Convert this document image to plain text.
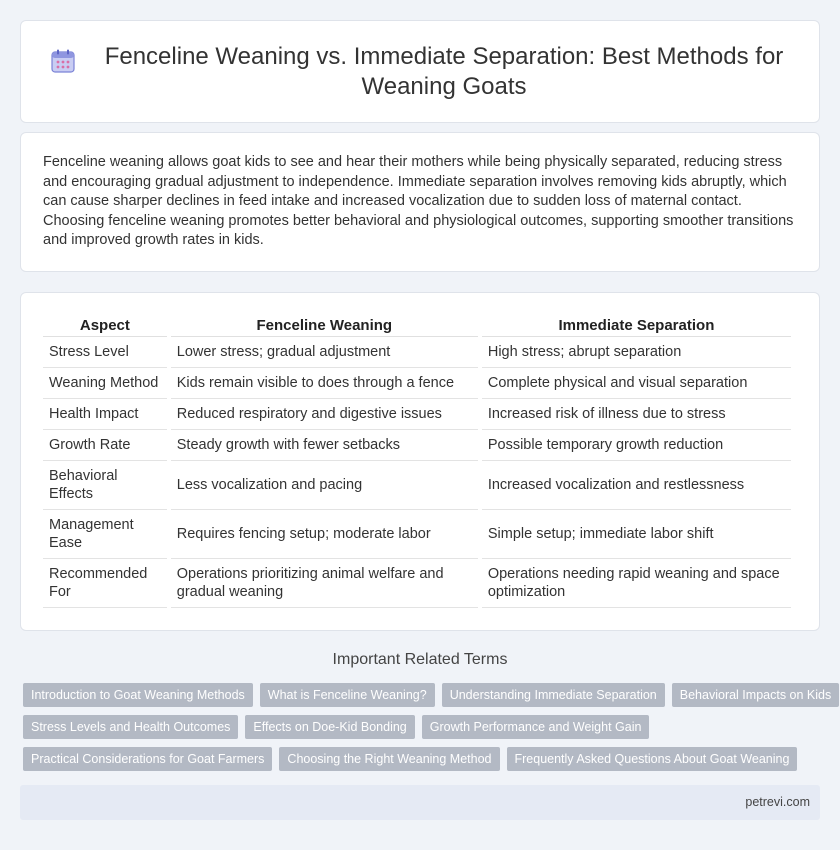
Fenceline Weaning vs. Immediate Separation: Best Methods for Weaning Goats

Fenceline weaning allows goat kids to see and hear their mothers while being physically separated, reducing stress and encouraging gradual adjustment to independence. Immediate separation involves removing kids abruptly, which can cause sharper declines in feed intake and increased vocalization due to sudden loss of maternal contact. Choosing fenceline weaning promotes better behavioral and physiological outcomes, supporting smoother transitions and improved growth rates in kids.

Aspect	Fenceline Weaning	Immediate Separation
Stress Level	Lower stress; gradual adjustment	High stress; abrupt separation
Weaning Method	Kids remain visible to does through a fence	Complete physical and visual separation
Health Impact	Reduced respiratory and digestive issues	Increased risk of illness due to stress
Growth Rate	Steady growth with fewer setbacks	Possible temporary growth reduction
Behavioral Effects	Less vocalization and pacing	Increased vocalization and restlessness
Management Ease	Requires fencing setup; moderate labor	Simple setup; immediate labor shift
Recommended For	Operations prioritizing animal welfare and gradual weaning	Operations needing rapid weaning and space optimization
Important Related Terms
Introduction to Goat Weaning Methods	What is Fenceline Weaning?	Understanding Immediate Separation	Behavioral Impacts on Kids
Stress Levels and Health Outcomes	Effects on Doe-Kid Bonding	Growth Performance and Weight Gain
Practical Considerations for Goat Farmers	Choosing the Right Weaning Method	Frequently Asked Questions About Goat Weaning
petrevi.com
